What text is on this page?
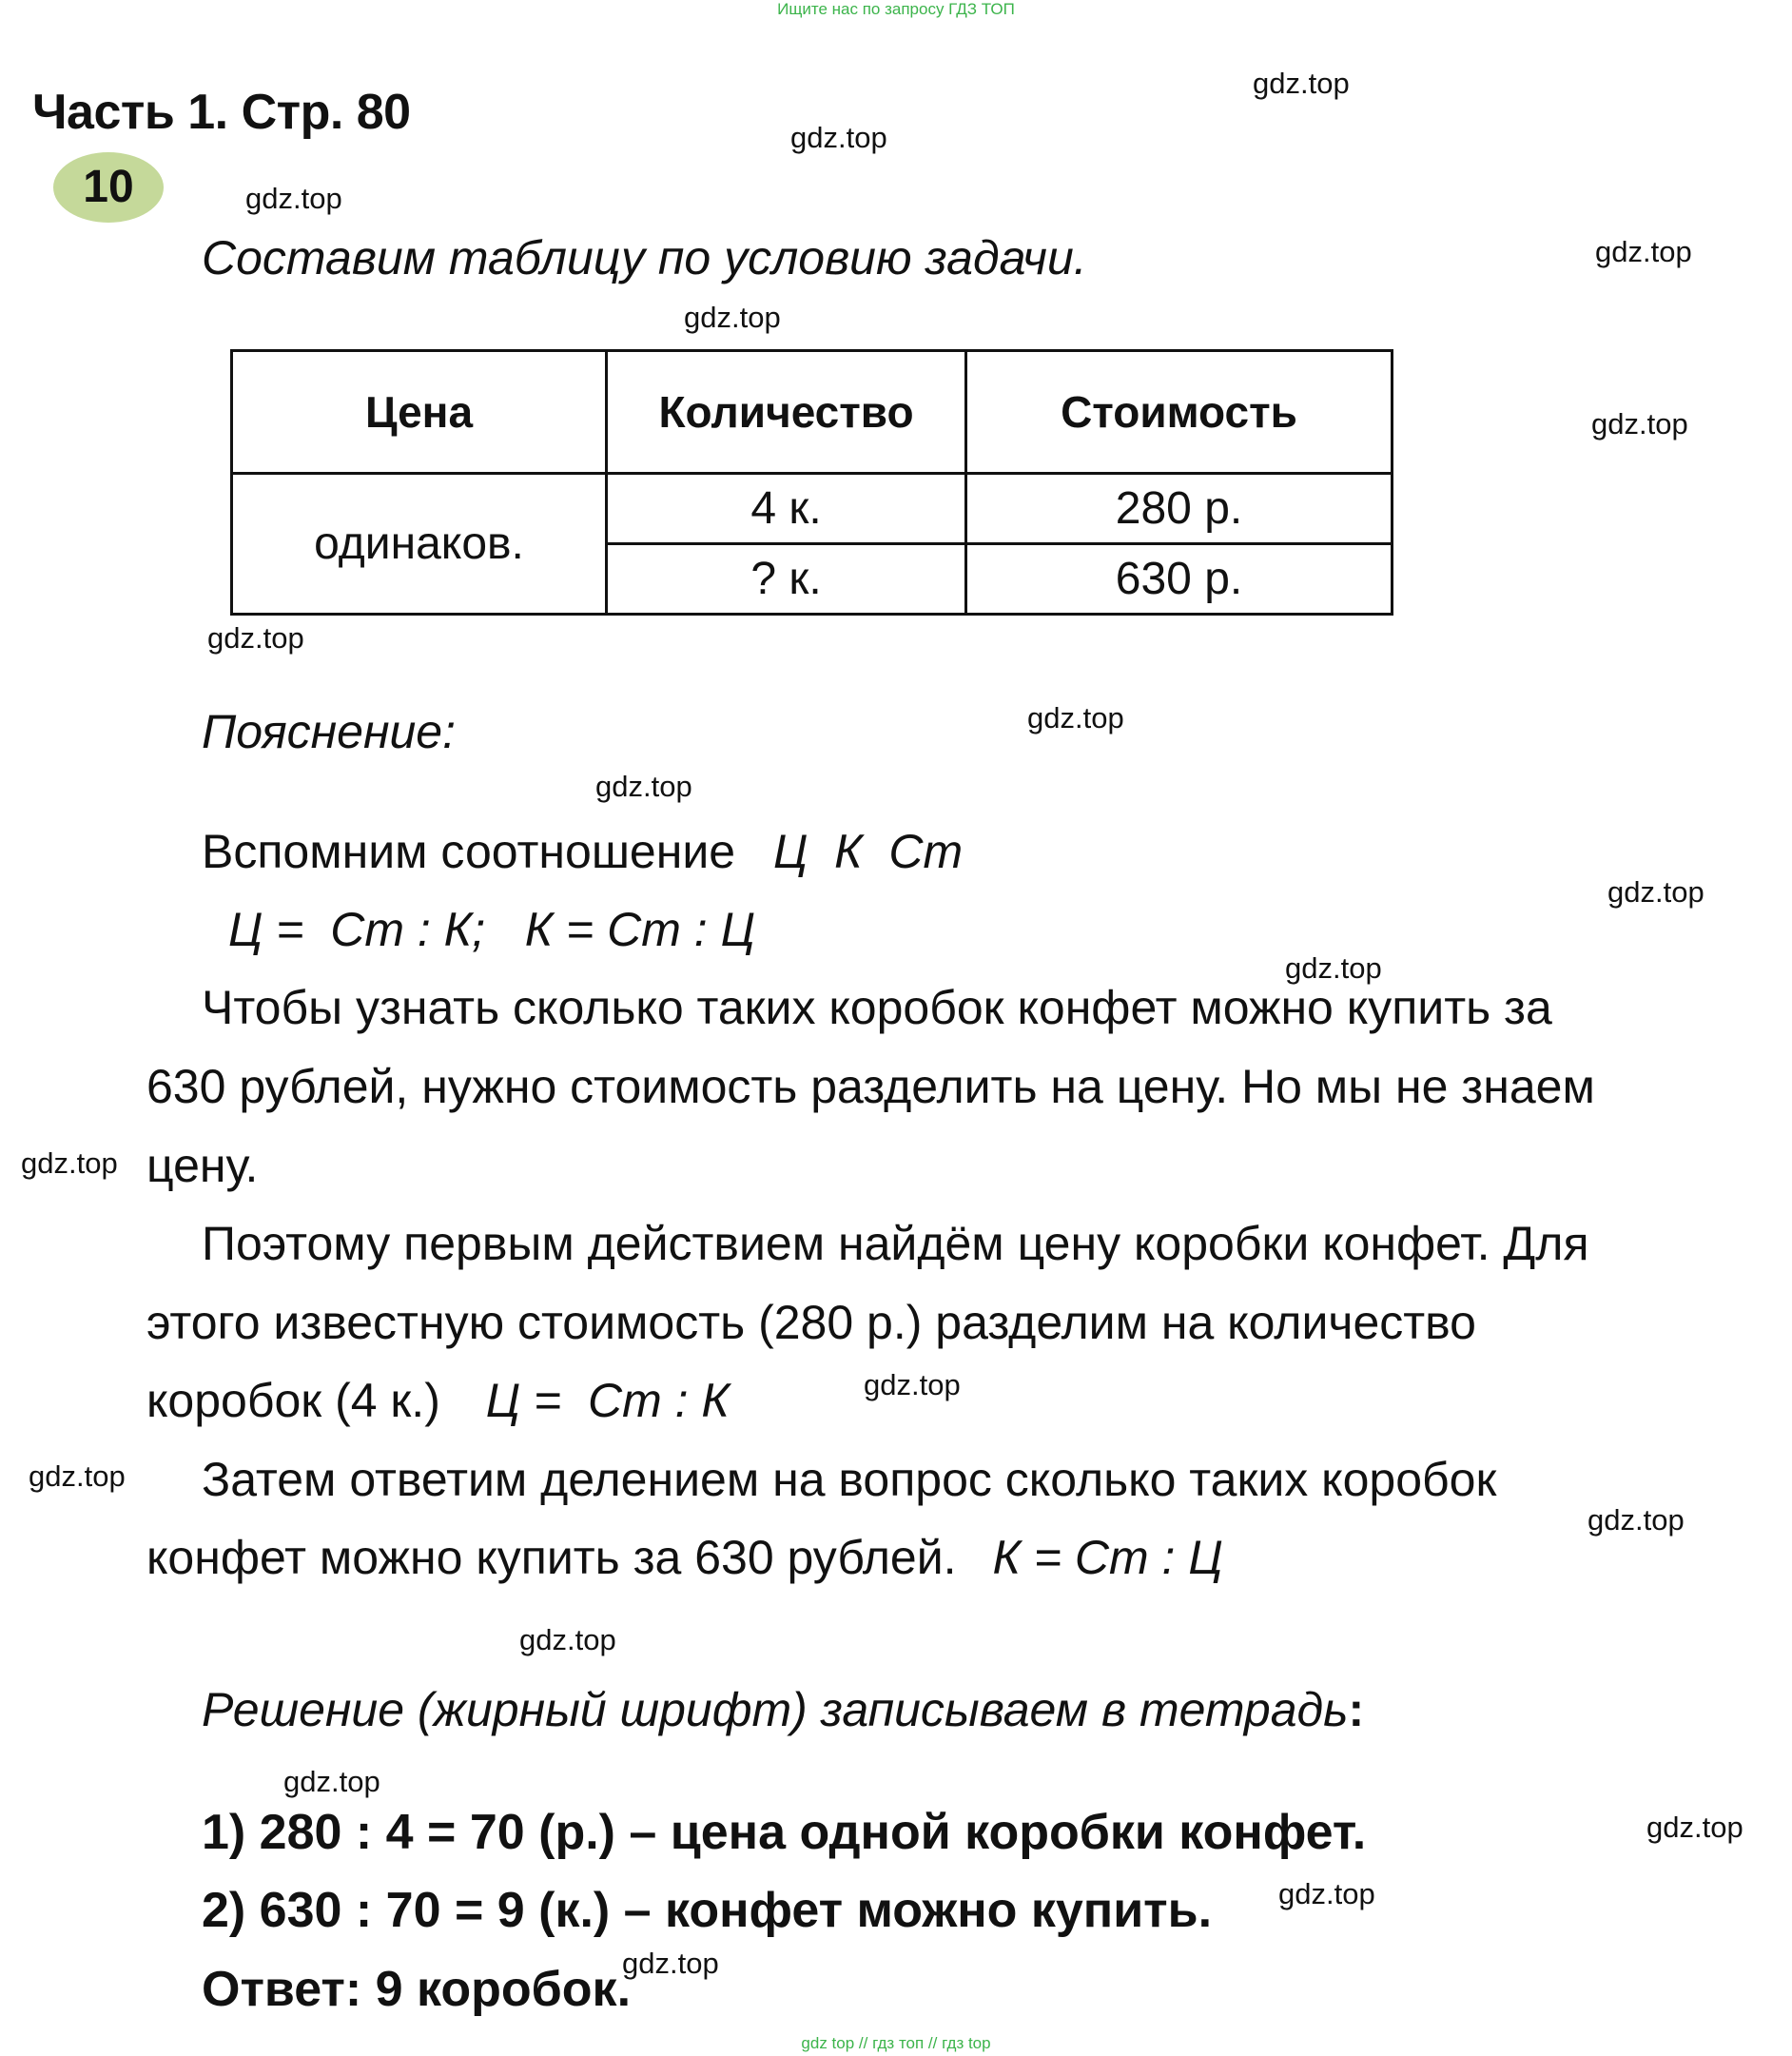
Ищите нас по запросу ГДЗ ТОП
gdz top // гдз топ // гдз top
Часть 1. Стр. 80
10
Составим таблицу по условию задачи.
Цена	Количество	Стоимость
одинаков.	4 к.	280 р.
	? к.	630 р.
Пояснение:
Вспомним соотношение Ц  К  Ст
Ц =  Ст : К;   К = Ст : Ц
Чтобы узнать сколько таких коробок конфет можно купить за
630 рублей, нужно стоимость разделить на цену. Но мы не знаем
цену.
Поэтому первым действием найдём цену коробки конфет. Для
этого известную стоимость (280 р.) разделим на количество
коробок (4 к.) Ц =  Ст : К
Затем ответим делением на вопрос сколько таких коробок
конфет можно купить за 630 рублей. К = Ст : Ц
Решение (жирный шрифт) записываем в тетрадь:
1) 280 : 4 = 70 (р.) – цена одной коробки конфет.
2) 630 : 70 = 9 (к.) – конфет можно купить.
Ответ: 9 коробок.
gdz.top
gdz.top
gdz.top
gdz.top
gdz.top
gdz.top
gdz.top
gdz.top
gdz.top
gdz.top
gdz.top
gdz.top
gdz.top
gdz.top
gdz.top
gdz.top
gdz.top
gdz.top
gdz.top
gdz.top
